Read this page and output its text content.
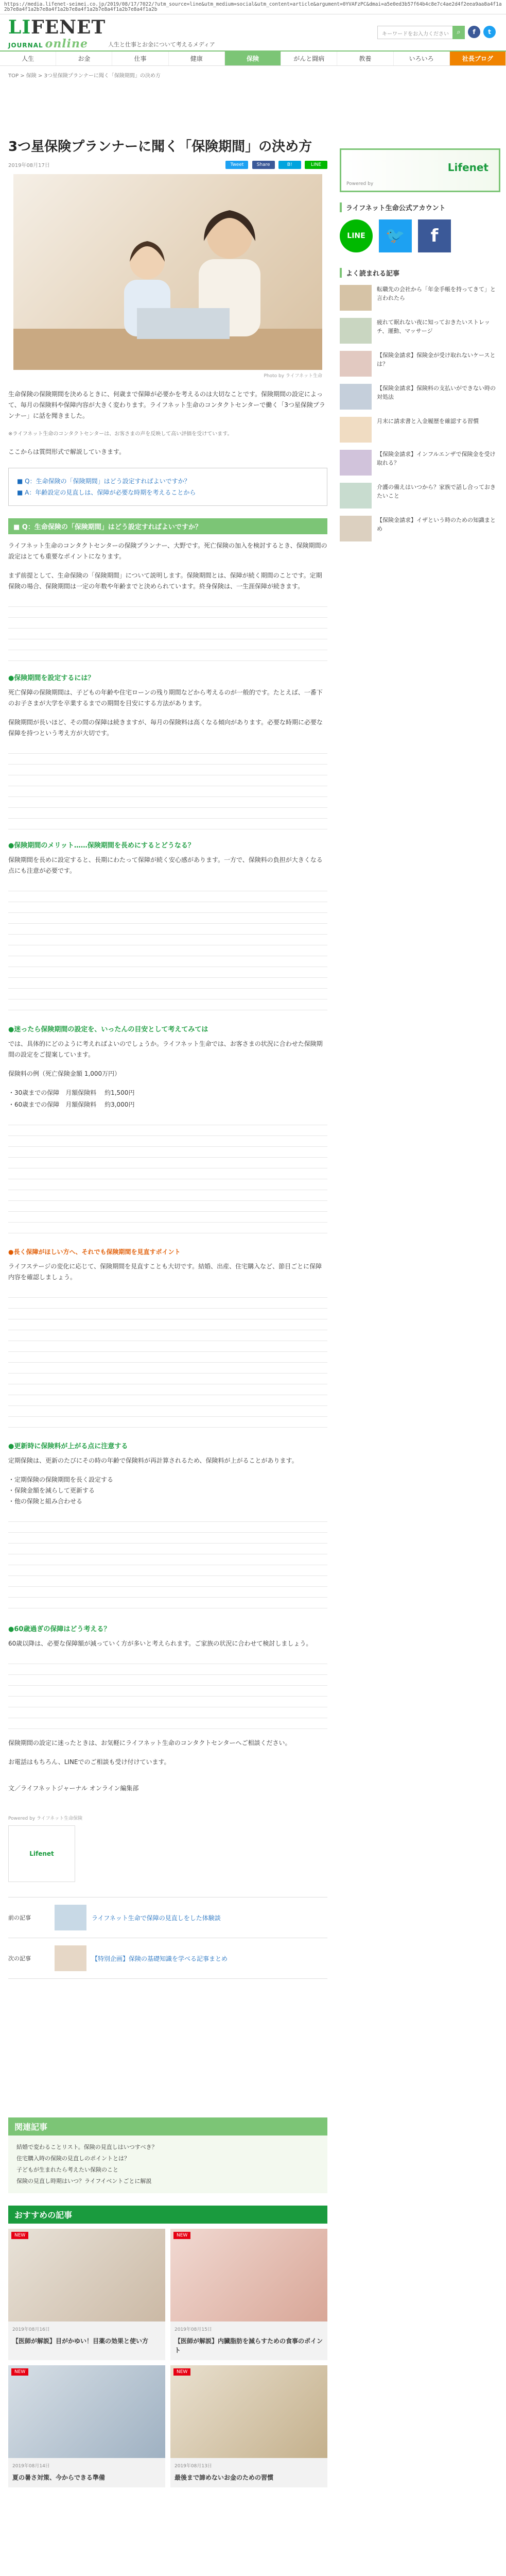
https://media.lifenet-seimei.co.jp/2019/08/17/7022/?utm_source=line&utm_medium=social&utm_content=article&argument=0YVAFzPC&dmai=a5e0ed3b57f64b4c8e7c4ae2d4f2eea9aa8a4f1a2b7e8a4f1a2b7e8a4f1a2b7e8a4f1a2b7e8a4f1a2b7e8a4f1a2b
LIFENET
JOURNAL online	人生と仕事とお金について考えるメディア
キーワードをお入力ください	⌕	f	t
人生	お金	仕事	健康	保険	がんと闘病	教養	いろいろ	社長ブログ
TOP > 保険 > 3つ星保険プランナーに聞く「保険期間」の決め方
3つ星保険プランナーに聞く「保険期間」の決め方
2019年08月17日	Tweet	Share	B!	LINE
Photo by ライフネット生命

生命保険の保険期間を決めるときに、何歳まで保障が必要かを考えるのは大切なことです。保険期間の設定によって、毎月の保険料や保障内容が大きく変わります。ライフネット生命のコンタクトセンターで働く「3つ星保険プランナー」に話を聞きました。

※ライフネット生命のコンタクトセンターは、お客さまの声を反映して高い評価を受けています。

ここからは質問形式で解説していきます。

■ Q：生命保険の「保険期間」はどう設定すればよいですか？
■ A：年齢設定の見直しは、保障が必要な時期を考えることから
■ Q：生命保険の「保険期間」はどう設定すればよいですか？

ライフネット生命のコンタクトセンターの保険プランナー、大野です。死亡保険の加入を検討するとき、保険期間の設定はとても重要なポイントになります。

まず前提として、生命保険の「保険期間」について説明します。保険期間とは、保障が続く期間のことです。定期保険の場合、保険期間は一定の年数や年齢までと決められています。終身保険は、一生涯保障が続きます。

●保険期間を設定するには？

死亡保障の保険期間は、子どもの年齢や住宅ローンの残り期間などから考えるのが一般的です。たとえば、一番下のお子さまが大学を卒業するまでの期間を目安にする方法があります。

保険期間が長いほど、その間の保障は続きますが、毎月の保険料は高くなる傾向があります。必要な時期に必要な保障を持つという考え方が大切です。

●保険期間のメリット……保険期間を長めにするとどうなる？

保険期間を長めに設定すると、長期にわたって保障が続く安心感があります。一方で、保険料の負担が大きくなる点にも注意が必要です。

●迷ったら保険期間の設定を、いったんの目安として考えてみては

では、具体的にどのように考えればよいのでしょうか。ライフネット生命では、お客さまの状況に合わせた保険期間の設定をご提案しています。

保険料の例（死亡保険金額 1,000万円）

・30歳までの保障　月額保険料 　約1,500円

・60歳までの保障　月額保険料 　約3,000円

●長く保障がほしい方へ、それでも保険期間を見直すポイント

ライフステージの変化に応じて、保険期間を見直すことも大切です。結婚、出産、住宅購入など、節目ごとに保障内容を確認しましょう。

●更新時に保険料が上がる点に注意する

定期保険は、更新のたびにその時の年齢で保険料が再計算されるため、保険料が上がることがあります。

・定期保険の保険期間を長く設定する
・保険金額を減らして更新する
・他の保険と組み合わせる

●60歳過ぎの保障はどう考える？

60歳以降は、必要な保障額が減っていく方が多いと考えられます。ご家族の状況に合わせて検討しましょう。

保険期間の設定に迷ったときは、お気軽にライフネット生命のコンタクトセンターへご相談ください。

お電話はもちろん、LINEでのご相談も受け付けています。

文／ライフネットジャーナル オンライン編集部

Powered by ライフネット生命保険
Lifenet
前の記事	ライフネット生命で保障の見直しをした体験談
次の記事	【特別企画】保険の基礎知識を学べる記事まとめ
Powered by
Lifenet
ライフネット生命公式アカウント
LINE	🐦	f
よく読まれる記事
転職先の会社から「年金手帳を持ってきて」と言われたら
疲れて眠れない夜に知っておきたいストレッチ、運動、マッサージ
【保険金請求】保険金が受け取れないケースとは？
【保険金請求】保険料の支払いができない時の対処法
月末に請求書と入金履歴を確認する習慣
【保険金請求】インフルエンザで保険金を受け取れる？
介護の備えはいつから？家族で話し合っておきたいこと
【保険金請求】イザという時のための知識まとめ
関連記事
結婚で変わることリスト。保険の見直しはいつすべき？
住宅購入時の保険の見直しのポイントとは？
子どもが生まれたら考えたい保険のこと
保険の見直し時期はいつ？ライフイベントごとに解説
おすすめの記事
NEW
2019年08月16日
【医師が解説】目がかゆい！目薬の効果と使い方
NEW
2019年08月15日
【医師が解説】内臓脂肪を減らすための食事のポイント
NEW
2019年08月14日
夏の暑さ対策、今からできる準備
NEW
2019年08月13日
最後まで諦めないお金のための習慣
